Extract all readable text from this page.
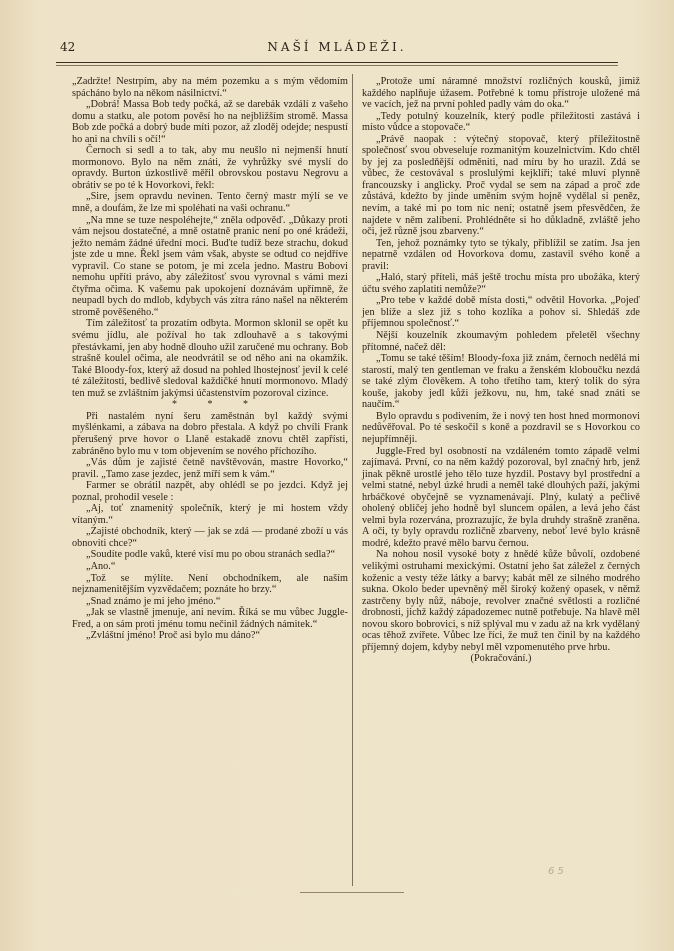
42	NAŠÍ MLÁDEŽI.

„Zadržte! Nestrpím, aby na mém pozemku a s mým vědomím spácháno bylo na někom násilnictví.“

„Dobrá! Massa Bob tedy počká, až se darebák vzdálí z vašeho domu a statku, ale potom pověsí ho na nejbližším stromě. Massa Bob zde počká a dobrý bude míti pozor, až zloděj odejde; nespustí ho ani na chvíli s očí!“

Černoch si sedl a to tak, aby mu neušlo ni nejmenší hnutí mormonovo. Bylo na něm znáti, že vyhrůžky své myslí do opravdy. Burton úzkostlivě měřil obrovskou postavu Negrovu a obrátiv se po té k Hovorkovi, řekl:

„Sire, jsem opravdu nevinen. Tento černý mastr mýlí se ve mně, a doufám, že lze mi spoléhati na vaši ochranu.“

„Na mne se tuze nespoléhejte,“ zněla odpověď. „Důkazy proti vám nejsou dostatečné, a mně ostatně pranic není po oné krádeži, ježto nemám žádné úřední moci. Buďte tudíž beze strachu, dokud jste zde u mne. Řekl jsem vám však, abyste se odtud co nejdříve vypravil. Co stane se potom, je mi zcela jedno. Mastru Bobovi nemohu upříti právo, aby záležitosť svou vyrovnal s vámi mezi čtyřma očima. K vašemu pak upokojení doznávám upřímně, že neupadl bych do mdlob, kdybych vás zítra ráno našel na některém stromě pověšeného.“

Tím záležitosť ta prozatím odbyta. Mormon sklonil se opět ku svému jídlu, ale požíval ho tak zdlouhavě a s takovými přestávkami, jen aby hodně dlouho užil zaručené mu ochrany. Bob strašně koulel očima, ale neodvrátil se od něho ani na okamžik. Také Bloody-fox, který až dosud na pohled lhostejnosť jevil k celé té záležitosti, bedlivě sledoval každičké hnutí mormonovo. Mladý ten muž se zvláštním jakýmsi účastenstvím pozoroval cizince.

* * *

Při nastalém nyní šeru zaměstnán byl každý svými myšlénkami, a zábava na dobro přestala. A když po chvíli Frank přerušený prve hovor o Llaně estakadě znovu chtěl zapřísti, zabráněno bylo mu v tom objevením se nového příchozího.

„Vás dům je zajisté četně navštěvován, mastre Hovorko,“ pravil. „Tamo zase jezdec, jenž míří sem k vám.“

Farmer se obrátil nazpět, aby ohlédl se po jezdci. Když jej poznal, prohodil vesele :

„Aj, toť znamenitý společník, který je mi hostem vždy vítaným.“

„Zajisté obchodník, který — jak se zdá — prodané zboží u vás obnoviti chce?“

„Soudíte podle vaků, které visí mu po obou stranách sedla?“

„Ano.“

„Tož se mýlíte. Není obchodníkem, ale naším nejznamenitějším vyzvědačem; poznáte ho brzy.“

„Snad známo je mi jeho jméno.“

„Jak se vlastně jmenuje, ani nevím. Říká se mu vůbec Juggle-Fred, a on sám proti jménu tomu nečinil žádných námitek.“

„Zvláštní jméno! Proč asi bylo mu dáno?“

„Protože umí náramné množství rozličných kousků, jimiž každého naplňuje úžasem. Potřebné k tomu přístroje uložené má ve vacích, jež na první pohled padly vám do oka.“

„Tedy potulný kouzelník, který podle příležitosti zastává i místo vůdce a stopovače.“

„Právě naopak : výtečný stopovač, který příležitostně společnosť svou obveseluje rozmanitým kouzelnictvím. Kdo chtěl by jej za posledňější odměniti, nad míru by ho urazil. Zdá se vůbec, že cestovával s proslulými kejklíři; také mluví plynně francouzsky i anglicky. Proč vydal se sem na západ a proč zde zůstává, kdežto by jinde uměním svým hojně vydělal si peněz, nevím, a také mi po tom nic není; ostatně jsem přesvědčen, že najdete v něm zalíbení. Prohlédněte si ho důkladně, zvláště jeho oči, jež různě jsou zbarveny.“

Ten, jehož poznámky tyto se týkaly, přiblížil se zatím. Jsa jen nepatrně vzdálen od Hovorkova domu, zastavil svého koně a pravil:

„Haló, starý příteli, máš ještě trochu místa pro ubožáka, který účtu svého zaplatiti nemůže?“

„Pro tebe v každé době místa dosti,“ odvětil Hovorka. „Pojeď jen blíže a slez již s toho kozlíka a pohov si. Shledáš zde příjemnou společnosť.“

Nější kouzelník zkoumavým pohledem přeletěl všechny přítomné, načež děl:

„Tomu se také těším! Bloody-foxa již znám, černoch nedělá mi starostí, malý ten gentleman ve fraku a ženském kloboučku nezdá se také zlým člověkem. A toho třetího tam, který tolik do sýra kouše, jakoby jedl kůži ježkovu, nu, hm, také snad znáti se naučím.“

Bylo opravdu s podivením, že i nový ten host hned mormonovi nedůvěřoval. Po té seskočil s koně a pozdravil se s Hovorkou co nejupřímněji.

Juggle-Fred byl osobností na vzdáleném tomto západě velmi zajímavá. První, co na něm každý pozoroval, byl značný hrb, jenž jinak pěkně urostlé jeho tělo tuze hyzdil. Postavy byl prostřední a velmi statné, nebyl úzké hrudi a neměl také dlouhých paží, jakými hrbáčkové obyčejně se vyznamenávají. Plný, kulatý a pečlivě oholený obličej jeho hodně byl sluncem opálen, a levá jeho část velmi byla rozervána, prozrazujíc, že byla druhdy strašně zraněna. A oči, ty byly opravdu rozličně zbarveny, neboť levé bylo krásně modré, kdežto pravé mělo barvu černou.

Na nohou nosil vysoké boty z hnědé kůže bůvolí, ozdobené velikými ostruhami mexickými. Ostatní jeho šat záležel z černých koženic a vesty téže látky a barvy; kabát měl ze silného modrého sukna. Okolo beder upevněný měl široký kožený opasek, v němž zastrčeny byly nůž, náboje, revolver značné světlosti a rozličné drobnosti, jichž každý západozemec nutně potřebuje. Na hlavě měl novou skoro bobrovici, s níž splýval mu v zadu až na krk vydělaný ocas těhož zvířete. Vůbec lze říci, že muž ten činil by na každého příjemný dojem, kdyby nebyl měl vzpomenutého prve hrbu.

(Pokračování.)

6 5
